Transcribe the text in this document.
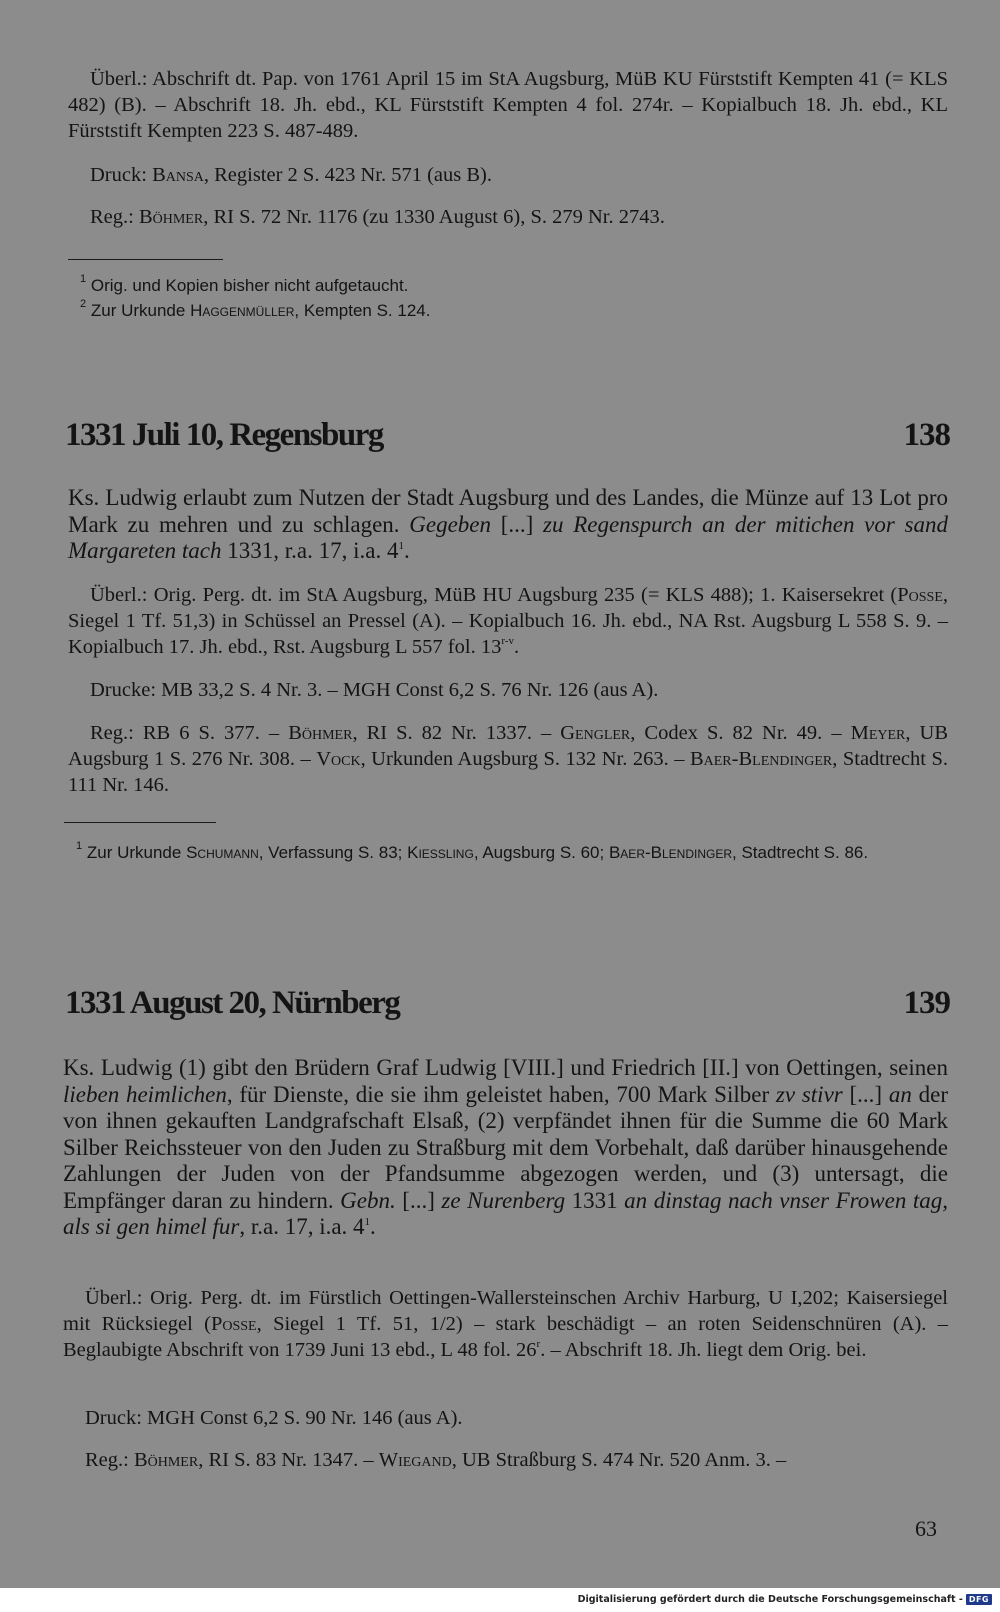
Überl.: Abschrift dt. Pap. von 1761 April 15 im StA Augsburg, MüB KU Fürststift Kempten 41 (= KLS 482) (B). – Abschrift 18. Jh. ebd., KL Fürststift Kempten 4 fol. 274r. – Kopialbuch 18. Jh. ebd., KL Fürststift Kempten 223 S. 487-489.

Druck: Bansa, Register 2 S. 423 Nr. 571 (aus B).

Reg.: Böhmer, RI S. 72 Nr. 1176 (zu 1330 August 6), S. 279 Nr. 2743.

$^1$ Orig. und Kopien bisher nicht aufgetaucht.

$^2$ Zur Urkunde Haggenmüller, Kempten S. 124.

1331 Juli 10, Regensburg	138

Ks. Ludwig erlaubt zum Nutzen der Stadt Augsburg und des Landes, die Münze auf 13 Lot pro Mark zu mehren und zu schlagen. Gegeben [...] zu Regenspurch an der mitichen vor sand Margareten tach 1331, r.a. 17, i.a. $4^1$.

Überl.: Orig. Perg. dt. im StA Augsburg, MüB HU Augsburg 235 (= KLS 488); 1. Kaisersekret (Posse, Siegel 1 Tf. 51,3) in Schüssel an Pressel (A). – Kopialbuch 16. Jh. ebd., NA Rst. Augsburg L 558 S. 9. – Kopialbuch 17. Jh. ebd., Rst. Augsburg L 557 fol. 13$^{r-v}$.

Drucke: MB 33,2 S. 4 Nr. 3. – MGH Const 6,2 S. 76 Nr. 126 (aus A).

Reg.: RB 6 S. 377. – Böhmer, RI S. 82 Nr. 1337. – Gengler, Codex S. 82 Nr. 49. – Meyer, UB Augsburg 1 S. 276 Nr. 308. – Vock, Urkunden Augsburg S. 132 Nr. 263. – Baer-Blendinger, Stadtrecht S. 111 Nr. 146.

$^1$ Zur Urkunde Schumann, Verfassung S. 83; Kiessling, Augsburg S. 60; Baer-Blendinger, Stadtrecht S. 86.

1331 August 20, Nürnberg	139

Ks. Ludwig (1) gibt den Brüdern Graf Ludwig [VIII.] und Friedrich [II.] von Oettingen, seinen lieben heimlichen, für Dienste, die sie ihm geleistet haben, 700 Mark Silber zv stivr [...] an der von ihnen gekauften Landgrafschaft Elsaß, (2) verpfändet ihnen für die Summe die 60 Mark Silber Reichssteuer von den Juden zu Straßburg mit dem Vorbehalt, daß darüber hinausgehende Zahlungen der Juden von der Pfandsumme abgezogen werden, und (3) untersagt, die Empfänger daran zu hindern. Gebn. [...] ze Nurenberg 1331 an dinstag nach vnser Frowen tag, als si gen himel fur, r.a. 17, i.a. $4^1$.

Überl.: Orig. Perg. dt. im Fürstlich Oettingen-Wallersteinschen Archiv Harburg, U I,202; Kaisersiegel mit Rücksiegel (Posse, Siegel 1 Tf. 51, 1/2) – stark beschädigt – an roten Seidenschnüren (A). – Beglaubigte Abschrift von 1739 Juni 13 ebd., L 48 fol. 26$^r$. – Abschrift 18. Jh. liegt dem Orig. bei.

Druck: MGH Const 6,2 S. 90 Nr. 146 (aus A).

Reg.: Böhmer, RI S. 83 Nr. 1347. – Wiegand, UB Straßburg S. 474 Nr. 520 Anm. 3. –

63
Digitalisierung gefördert durch die Deutsche Forschungsgemeinschaft - DFG
